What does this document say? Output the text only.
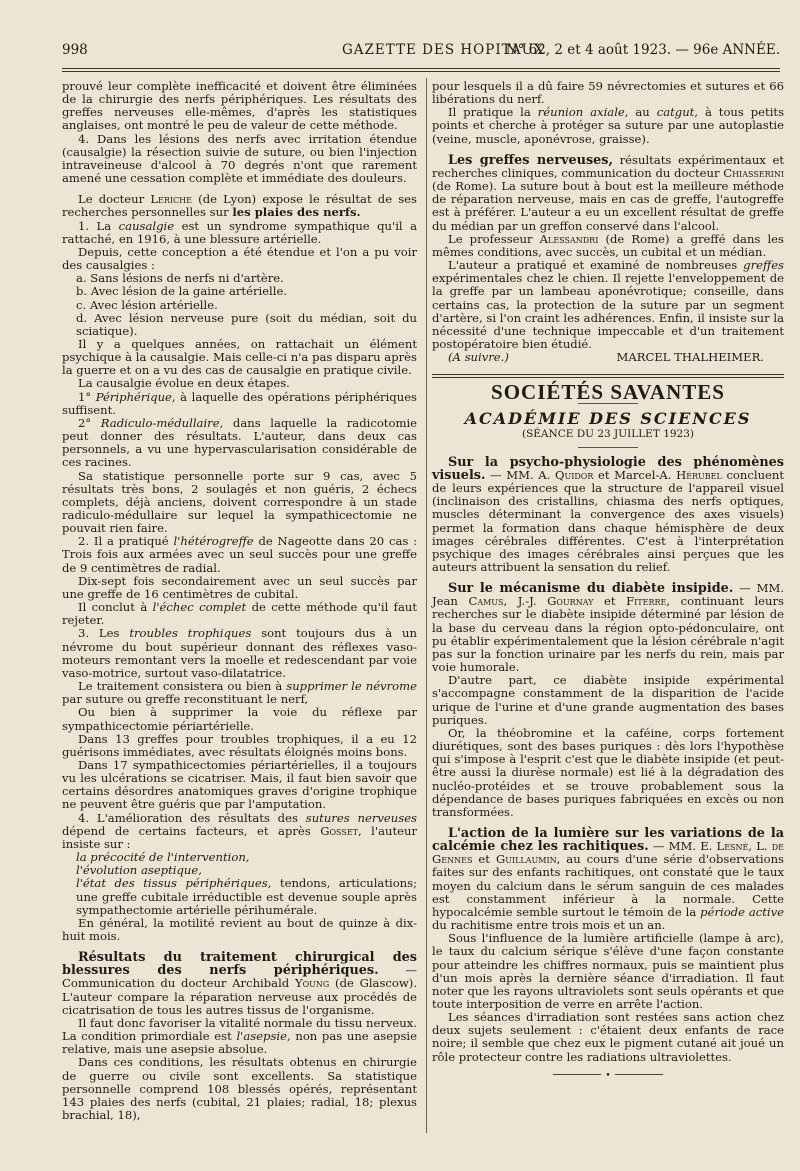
998	GAZETTE DES HOPITAUX
N° 62, 2 et 4 août 1923. — 96e ANNÉE.

prouvé leur complète inefficacité et doivent être éliminées de la chirurgie des nerfs périphériques. Les résultats des greffes nerveuses elle-mêmes, d'après les statistiques anglaises, ont montré le peu de valeur de cette méthode.

4. Dans les lésions des nerfs avec irritation étendue (causalgie) la résection suivie de suture, ou bien l'injection intraveineuse d'alcool à 70 degrés n'ont que rarement amené une cessation complète et immédiate des douleurs.

Le docteur Leriche (de Lyon) expose le résultat de ses recherches personnelles sur les plaies des nerfs.

1. La causalgie est un syndrome sympathique qu'il a rattaché, en 1916, à une blessure artérielle.

Depuis, cette conception a été étendue et l'on a pu voir des causalgies :

a. Sans lésions de nerfs ni d'artère.

b. Avec lésion de la gaine artérielle.

c. Avec lésion artérielle.

d. Avec lésion nerveuse pure (soit du médian, soit du sciatique).

Il y a quelques années, on rattachait un élément psychique à la causalgie. Mais celle-ci n'a pas disparu après la guerre et on a vu des cas de causalgie en pratique civile.

La causalgie évolue en deux étapes.

1° Périphérique, à laquelle des opérations périphériques suffisent.

2° Radiculo-médullaire, dans laquelle la radicotomie peut donner des résultats. L'auteur, dans deux cas personnels, a vu une hypervascularisation considérable de ces racines.

Sa statistique personnelle porte sur 9 cas, avec 5 résultats très bons, 2 soulagés et non guéris, 2 échecs complets, déjà anciens, doivent correspondre à un stade radiculo-médullaire sur lequel la sympathicectomie ne pouvait rien faire.

2. Il a pratiqué l'hétérogreffe de Nageotte dans 20 cas : Trois fois aux armées avec un seul succès pour une greffe de 9 centimètres de radial.

Dix-sept fois secondairement avec un seul succès par une greffe de 16 centimètres de cubital.

Il conclut à l'échec complet de cette méthode qu'il faut rejeter.

3. Les troubles trophiques sont toujours dus à un névrome du bout supérieur donnant des réflexes vaso-moteurs remontant vers la moelle et redescendant par voie vaso-motrice, surtout vaso-dilatatrice.

Le traitement consistera ou bien à supprimer le névrome par suture ou greffe reconstituant le nerf,

Ou bien à supprimer la voie du réflexe par sympathicectomie périartérielle.

Dans 13 greffes pour troubles trophiques, il a eu 12 guérisons immédiates, avec résultats éloignés moins bons.

Dans 17 sympathicectomies périartérielles, il a toujours vu les ulcérations se cicatriser. Mais, il faut bien savoir que certains désordres anatomiques graves d'origine trophique ne peuvent être guéris que par l'amputation.

4. L'amélioration des résultats des sutures nerveuses dépend de certains facteurs, et après Gosset, l'auteur insiste sur :

la précocité de l'intervention,

l'évolution aseptique,

l'état des tissus périphériques, tendons, articulations; une greffe cubitale irréductible est devenue souple après sympathectomie artérielle périhumérale.

En général, la motilité revient au bout de quinze à dix-huit mois.

Résultats du traitement chirurgical des blessures des nerfs périphériques. — Communication du docteur Archibald Young (de Glascow). L'auteur compare la réparation nerveuse aux procédés de cicatrisation de tous les autres tissus de l'organisme.

Il faut donc favoriser la vitalité normale du tissu nerveux. La condition primordiale est l'asepsie, non pas une asepsie relative, mais une asepsie absolue.

Dans ces conditions, les résultats obtenus en chirurgie de guerre ou civile sont excellents. Sa statistique personnelle comprend 108 blessés opérés, représentant 143 plaies des nerfs (cubital, 21 plaies; radial, 18; plexus brachial, 18),

pour lesquels il a dû faire 59 névrectomies et sutures et 66 libérations du nerf.

Il pratique la réunion axiale, au catgut, à tous petits points et cherche à protéger sa suture par une autoplastie (veine, muscle, aponévrose, graisse).

Les greffes nerveuses, résultats expérimentaux et recherches cliniques, communication du docteur Chiasserini (de Rome). La suture bout à bout est la meilleure méthode de réparation nerveuse, mais en cas de greffe, l'autogreffe est à préférer. L'auteur a eu un excellent résultat de greffe du médian par un greffon conservé dans l'alcool.

Le professeur Alessandri (de Rome) a greffé dans les mêmes conditions, avec succès, un cubital et un médian.

L'auteur a pratiqué et examiné de nombreuses greffes expérimentales chez le chien. Il rejette l'enveloppement de la greffe par un lambeau aponévrotique; conseille, dans certains cas, la protection de la suture par un segment d'artère, si l'on craint les adhérences. Enfin, il insiste sur la nécessité d'une technique impeccable et d'un traitement postopératoire bien étudié.

(A suivre.)	MARCEL THALHEIMER.
SOCIÉTÉS SAVANTES
ACADÉMIE DES SCIENCES
(SÉANCE DU 23 JUILLET 1923)

Sur la psycho-physiologie des phénomènes visuels. — MM. A. Quidor et Marcel-A. Hérubel concluent de leurs expériences que la structure de l'appareil visuel (inclinaison des cristallins, chiasma des nerfs optiques, muscles déterminant la convergence des axes visuels) permet la formation dans chaque hémisphère de deux images cérébrales différentes. C'est à l'interprétation psychique des images cérébrales ainsi perçues que les auteurs attribuent la sensation du relief.

Sur le mécanisme du diabète insipide. — MM. Jean Camus, J.-J. Gournay et Fiterre, continuant leurs recherches sur le diabète insipide déterminé par lésion de la base du cerveau dans la région opto-pédonculaire, ont pu établir expérimentalement que la lésion cérébrale n'agit pas sur la fonction urinaire par les nerfs du rein, mais par voie humorale.

D'autre part, ce diabète insipide expérimental s'accompagne constamment de la disparition de l'acide urique de l'urine et d'une grande augmentation des bases puriques.

Or, la théobromine et la caféine, corps fortement diurétiques, sont des bases puriques : dès lors l'hypothèse qui s'impose à l'esprit c'est que le diabète insipide (et peut-être aussi la diurèse normale) est lié à la dégradation des nucléo-protéides et se trouve probablement sous la dépendance de bases puriques fabriquées en excès ou non transformées.

L'action de la lumière sur les variations de la calcémie chez les rachitiques. — MM. E. Lesné, L. de Gennes et Guillaumin, au cours d'une série d'observations faites sur des enfants rachitiques, ont constaté que le taux moyen du calcium dans le sérum sanguin de ces malades est constamment inférieur à la normale. Cette hypocalcémie semble surtout le témoin de la période active du rachitisme entre trois mois et un an.

Sous l'influence de la lumière artificielle (lampe à arc), le taux du calcium sérique s'élève d'une façon constante pour atteindre les chiffres normaux, puis se maintient plus d'un mois après la dernière séance d'irradiation. Il faut noter que les rayons ultraviolets sont seuls opérants et que toute interposition de verre en arrête l'action.

Les séances d'irradiation sont restées sans action chez deux sujets seulement : c'étaient deux enfants de race noire; il semble que chez eux le pigment cutané ait joué un rôle protecteur contre les radiations ultraviolettes.

•
